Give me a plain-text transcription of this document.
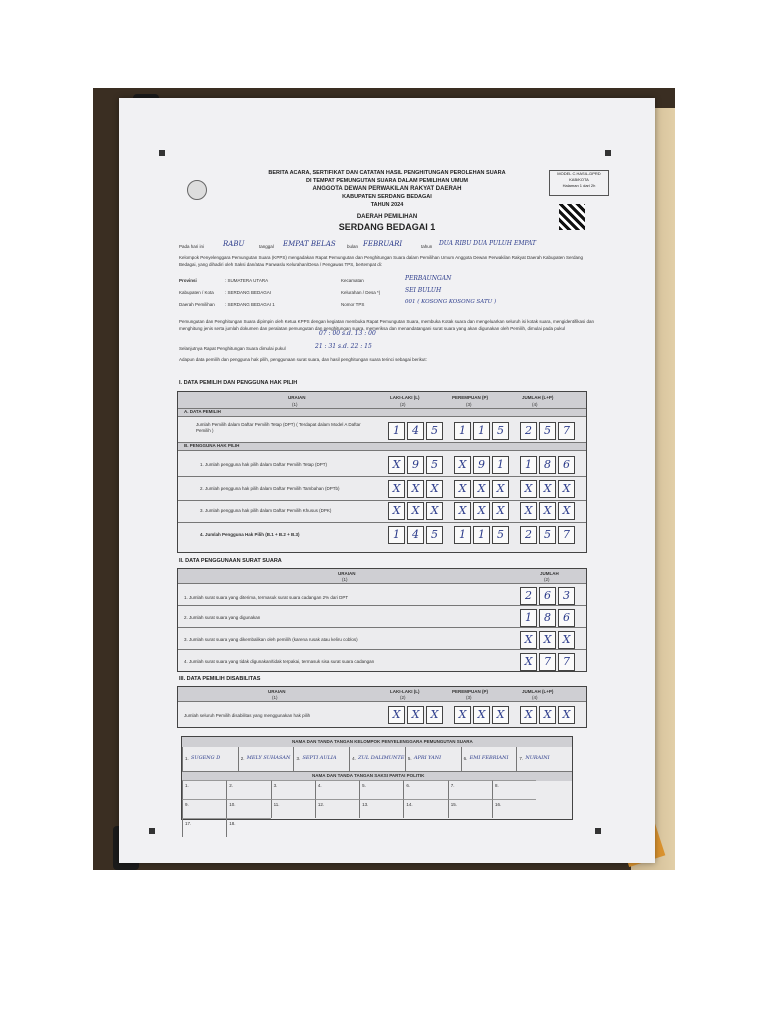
MODEL C.HASIL-DPRD KAB/KOTA
Halaman 1 dari 2h
BERITA ACARA, SERTIFIKAT DAN CATATAN HASIL PENGHITUNGAN PEROLEHAN SUARA
DI TEMPAT PEMUNGUTAN SUARA DALAM PEMILIHAN UMUM
ANGGOTA DEWAN PERWAKILAN RAKYAT DAERAH
KABUPATEN SERDANG BEDAGAI
TAHUN 2024
DAERAH PEMILIHAN
SERDANG BEDAGAI 1
Pada hari ini	RABU	tanggal EMPAT BELAS	bulan FEBRUARI	tahun DUA RIBU DUA PULUH EMPAT
Kelompok Penyelenggara Pemungutan Suara (KPPS) mengadakan Rapat Pemungutan dan Penghitungan Suara dalam Pemilihan Umum Anggota Dewan Perwakilan Rakyat Daerah Kabupaten Serdang Bedagai, yang dihadiri oleh Saksi dan/atau Panwaslu Kelurahan/Desa / Pengawas TPS, bertempat di:
Provinsi	: SUMATERA UTARA
Kabupaten / Kota : SERDANG BEDAGAI
Daerah Pemilihan : SERDANG BEDAGAI 1
Kecamatan	PERBAUNGAN
Kelurahan / Desa *)	SEI BULUH
Nomor TPS	001 ( KOSONG KOSONG SATU )
Pemungutan dan Penghitungan Suara dipimpin oleh Ketua KPPS dengan kegiatan membuka Rapat Pemungutan Suara, membuka Kotak suara dan mengeluarkan seluruh isi kotak suara, mengidentifikasi dan menghitung jenis serta jumlah dokumen dan peralatan pemungutan dan penghitungan suara, memeriksa dan menandatangani surat suara yang akan digunakan oleh Pemilih, dimulai pada pukul
07 : 00 s.d. 13 : 00
Selanjutnya Rapat Penghitungan Suara dimulai pukul	21 : 31 s.d. 22 : 15
Adapun data pemilih dan pengguna hak pilih, penggunaan surat suara, dan hasil penghitungan suara terinci sebagai berikut:
I. DATA PEMILIH DAN PENGGUNA HAK PILIH
URAIAN
(1)
LAKI-LAKI (L)
(2)
PEREMPUAN (P)
(3)
JUMLAH (L+P)
(4)
A. DATA PEMILIH
Jumlah Pemilih dalam Daftar Pemilih Tetap (DPT) ( Terdapat dalam Model A Daftar Pemilih )	1	4	5	1	1	5	2	5	7
B. PENGGUNA HAK PILIH
1. Jumlah pengguna hak pilih dalam Daftar Pemilih Tetap (DPT)	X	9	5	X	9	1	1	8	6
2. Jumlah pengguna hak pilih dalam Daftar Pemilih Tambahan (DPTb)	X	X	X	X	X	X	X	X	X
3. Jumlah pengguna hak pilih dalam Daftar Pemilih Khusus (DPK)	X	X	X	X	X	X	X	X	X
4. Jumlah Pengguna Hak Pilih (B.1 + B.2 + B.3)	1	4	5	1	1	5	2	5	7
II. DATA PENGGUNAAN SURAT SUARA
URAIAN
(1)
JUMLAH
(2)
1. Jumlah surat suara yang diterima, termasuk surat suara cadangan 2% dari DPT	2	6	3
2. Jumlah surat suara yang digunakan	1	8	6
3. Jumlah surat suara yang dikembalikan oleh pemilih (karena rusak atau keliru coblos)	X	X	X
4. Jumlah surat suara yang tidak digunakan/tidak terpakai, termasuk sisa surat suara cadangan	X	7	7
III. DATA PEMILIH DISABILITAS
URAIAN
(1)
LAKI-LAKI (L)
(2)
PEREMPUAN (P)
(3)
JUMLAH (L+P)
(4)
Jumlah seluruh Pemilih disabilitas yang menggunakan hak pilih	X	X	X	X	X	X	X	X	X
NAMA DAN TANDA TANGAN KELOMPOK PENYELENGGARA PEMUNGUTAN SUARA
1. SUGENG D	2. MELY SUHASAN 3. SEPTI AULIA	4. ZUL DALIMUNTE 5. APRI YANI	6. EMI FEBRIANI 7. NURAINI
NAMA DAN TANDA TANGAN SAKSI PARTAI POLITIK
1.	2.	3.	4.	5.	6.	7.	8.
9.	10.	11.	12.	13.	14.	15.	16.
17.	18.
